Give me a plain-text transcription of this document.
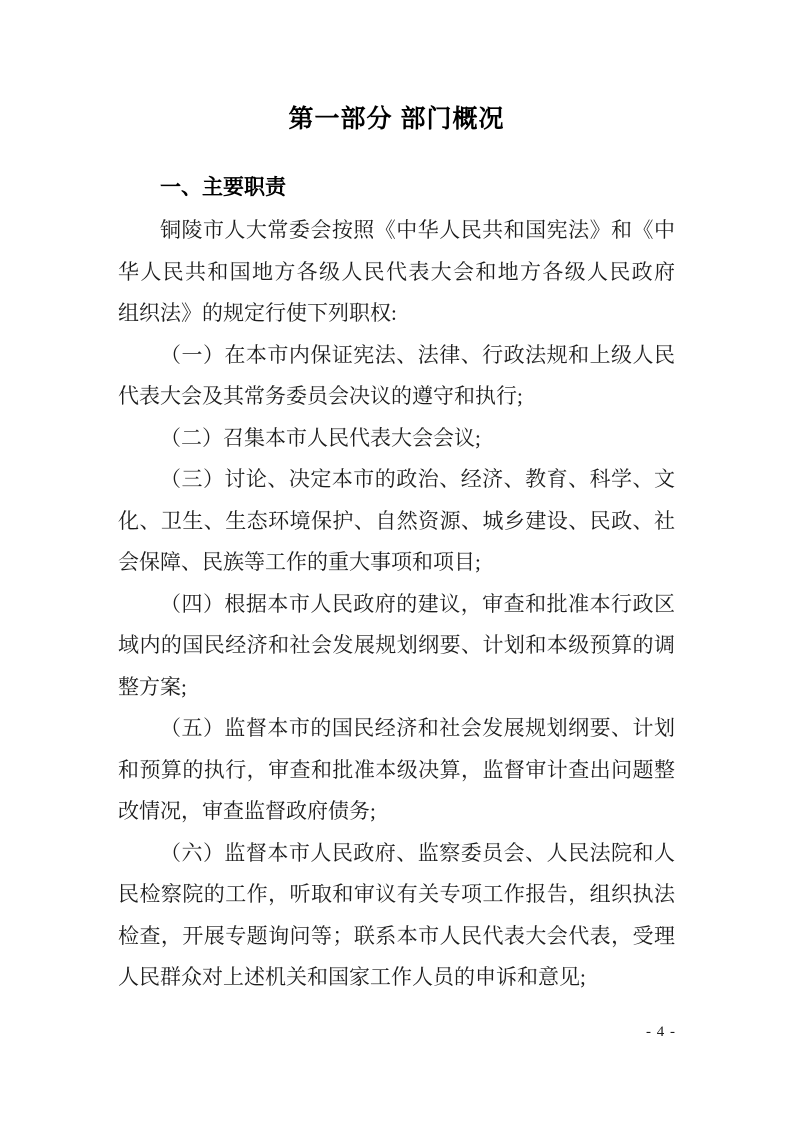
第一部分 部门概况
一、主要职责
铜陵市人大常委会按照《中华人民共和国宪法》和《中
华人民共和国地方各级人民代表大会和地方各级人民政府
组织法》的规定行使下列职权:
（一）在本市内保证宪法、法律、行政法规和上级人民
代表大会及其常务委员会决议的遵守和执行;
（二）召集本市人民代表大会会议;
（三）讨论、决定本市的政治、经济、教育、科学、文
化、卫生、生态环境保护、自然资源、城乡建设、民政、社
会保障、民族等工作的重大事项和项目;
（四）根据本市人民政府的建议，审查和批准本行政区
域内的国民经济和社会发展规划纲要、计划和本级预算的调
整方案;
（五）监督本市的国民经济和社会发展规划纲要、计划
和预算的执行，审查和批准本级决算，监督审计查出问题整
改情况，审查监督政府债务;
（六）监督本市人民政府、监察委员会、人民法院和人
民检察院的工作，听取和审议有关专项工作报告，组织执法
检查，开展专题询问等；联系本市人民代表大会代表，受理
人民群众对上述机关和国家工作人员的申诉和意见;
- 4 -
